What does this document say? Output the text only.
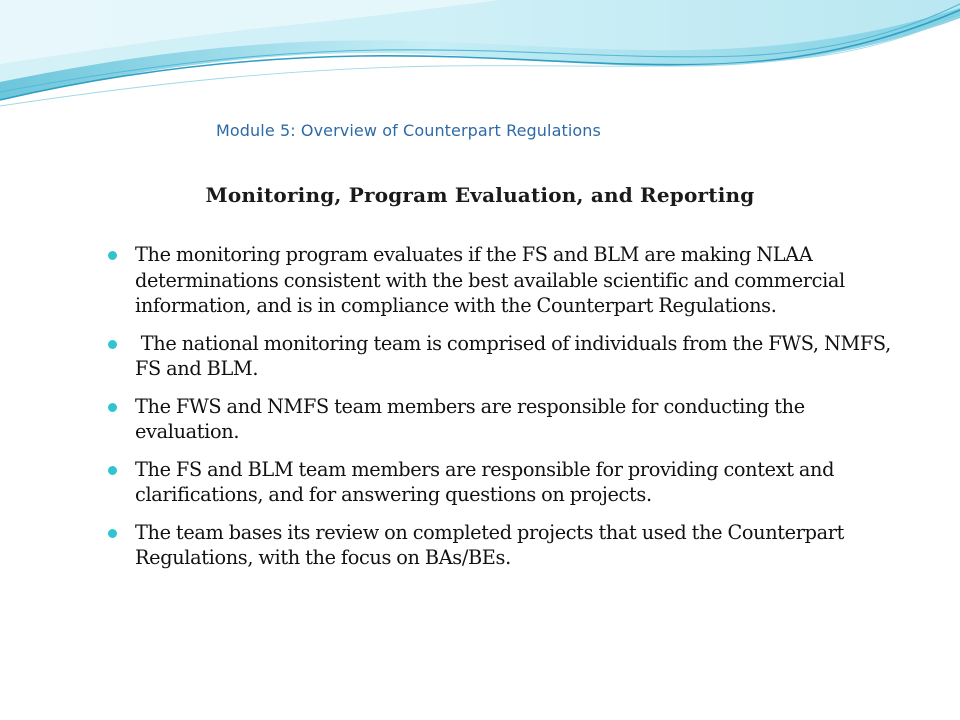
Module 5: Overview of Counterpart Regulations
Monitoring, Program Evaluation, and Reporting
The monitoring program evaluates if the FS and BLM are making NLAA determinations consistent with the best available scientific and commercial information, and is in compliance with the Counterpart Regulations.
The national monitoring team is comprised of individuals from the FWS, NMFS, FS and BLM.
The FWS and NMFS team members are responsible for conducting the evaluation.
The FS and BLM team members are responsible for providing context and clarifications, and for answering questions on projects.
The team bases its review on completed projects that used the Counterpart Regulations, with the focus on BAs/BEs.
